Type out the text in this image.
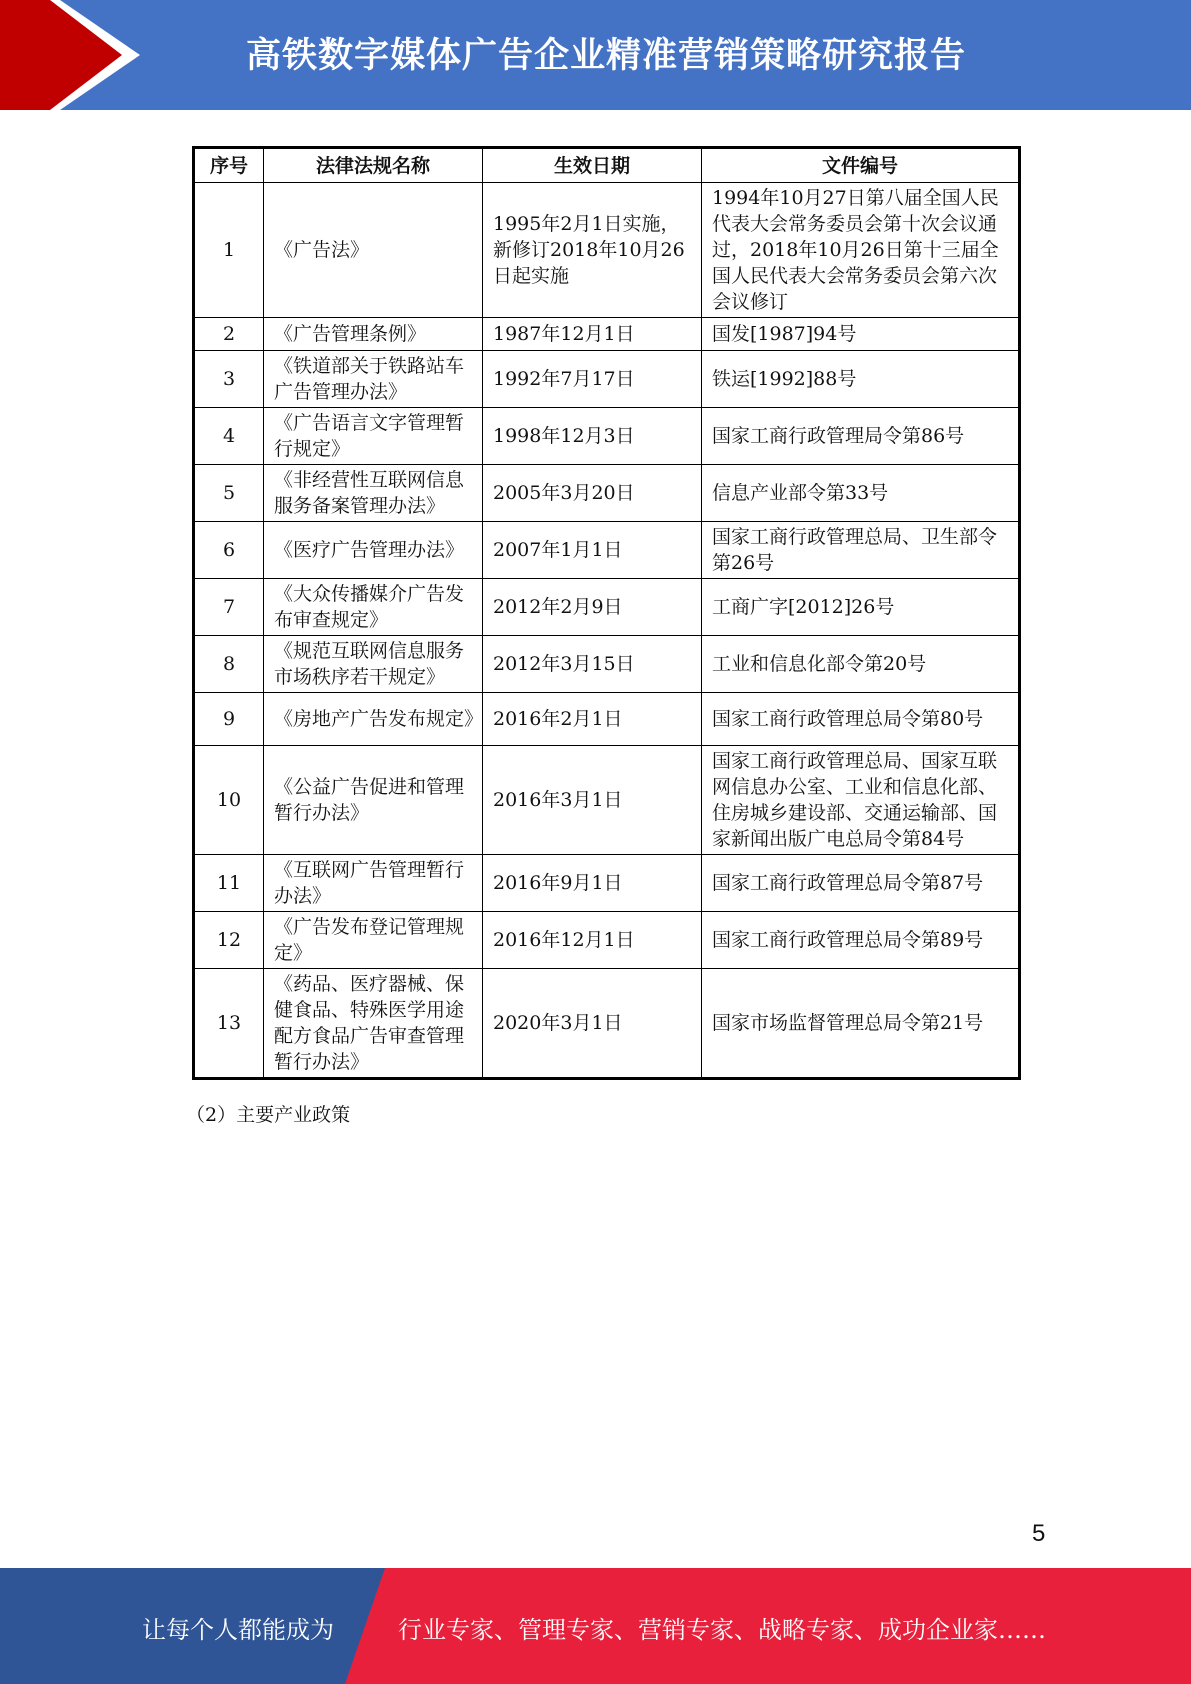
高铁数字媒体广告企业精准营销策略研究报告
序号	法律法规名称	生效日期	文件编号
1	《广告法》	1995年2月1日实施，新修订2018年10月26日起实施	1994年10月27日第八届全国人民代表大会常务委员会第十次会议通过，2018年10月26日第十三届全国人民代表大会常务委员会第六次会议修订
2	《广告管理条例》	1987年12月1日	国发[1987]94号
3	《铁道部关于铁路站车广告管理办法》	1992年7月17日	铁运[1992]88号
4	《广告语言文字管理暂行规定》	1998年12月3日	国家工商行政管理局令第86号
5	《非经营性互联网信息服务备案管理办法》	2005年3月20日	信息产业部令第33号
6	《医疗广告管理办法》	2007年1月1日	国家工商行政管理总局、卫生部令第26号
7	《大众传播媒介广告发布审查规定》	2012年2月9日	工商广字[2012]26号
8	《规范互联网信息服务市场秩序若干规定》	2012年3月15日	工业和信息化部令第20号
9	《房地产广告发布规定》	2016年2月1日	国家工商行政管理总局令第80号
10	《公益广告促进和管理暂行办法》	2016年3月1日	国家工商行政管理总局、国家互联网信息办公室、工业和信息化部、住房城乡建设部、交通运输部、国家新闻出版广电总局令第84号
11	《互联网广告管理暂行办法》	2016年9月1日	国家工商行政管理总局令第87号
12	《广告发布登记管理规定》	2016年12月1日	国家工商行政管理总局令第89号
13	《药品、医疗器械、保健食品、特殊医学用途配方食品广告审查管理暂行办法》	2020年3月1日	国家市场监督管理总局令第21号
（2）主要产业政策
5
让每个人都能成为	行业专家、管理专家、营销专家、战略专家、成功企业家……
